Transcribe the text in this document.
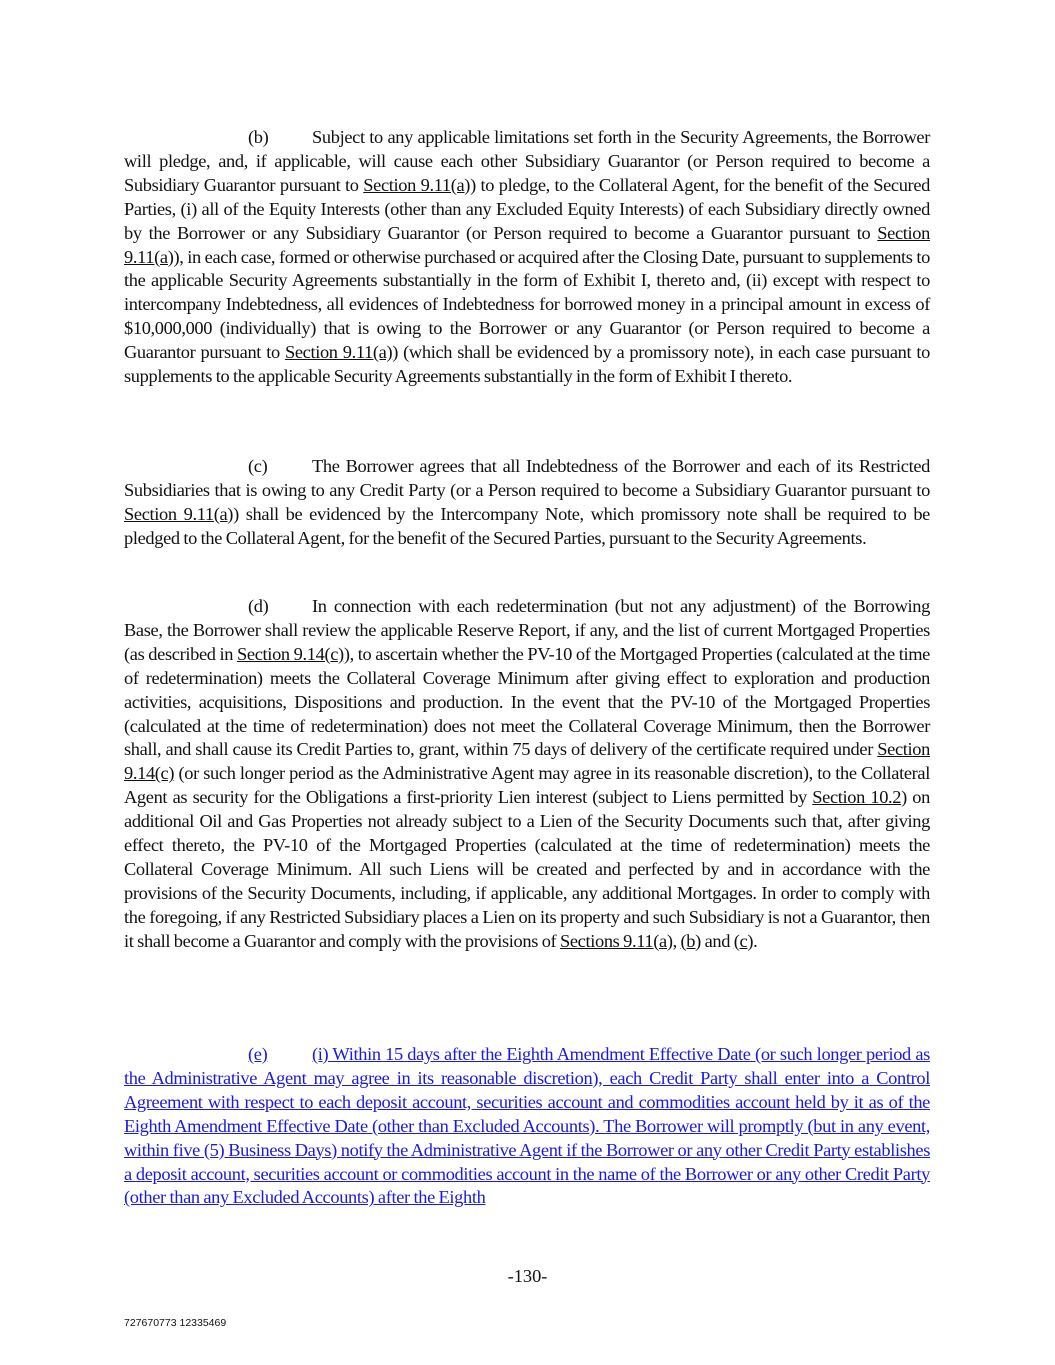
(b) Subject to any applicable limitations set forth in the Security Agreements, the Borrower will pledge, and, if applicable, will cause each other Subsidiary Guarantor (or Person required to become a Subsidiary Guarantor pursuant to Section 9.11(a)) to pledge, to the Collateral Agent, for the benefit of the Secured Parties, (i) all of the Equity Interests (other than any Excluded Equity Interests) of each Subsidiary directly owned by the Borrower or any Subsidiary Guarantor (or Person required to become a Guarantor pursuant to Section 9.11(a)), in each case, formed or otherwise purchased or acquired after the Closing Date, pursuant to supplements to the applicable Security Agreements substantially in the form of Exhibit I, thereto and, (ii) except with respect to intercompany Indebtedness, all evidences of Indebtedness for borrowed money in a principal amount in excess of $10,000,000 (individually) that is owing to the Borrower or any Guarantor (or Person required to become a Guarantor pursuant to Section 9.11(a)) (which shall be evidenced by a promissory note), in each case pursuant to supplements to the applicable Security Agreements substantially in the form of Exhibit I thereto.

(c) The Borrower agrees that all Indebtedness of the Borrower and each of its Restricted Subsidiaries that is owing to any Credit Party (or a Person required to become a Subsidiary Guarantor pursuant to Section 9.11(a)) shall be evidenced by the Intercompany Note, which promissory note shall be required to be pledged to the Collateral Agent, for the benefit of the Secured Parties, pursuant to the Security Agreements.

(d) In connection with each redetermination (but not any adjustment) of the Borrowing Base, the Borrower shall review the applicable Reserve Report, if any, and the list of current Mortgaged Properties (as described in Section 9.14(c)), to ascertain whether the PV-10 of the Mortgaged Properties (calculated at the time of redetermination) meets the Collateral Coverage Minimum after giving effect to exploration and production activities, acquisitions, Dispositions and production. In the event that the PV-10 of the Mortgaged Properties (calculated at the time of redetermination) does not meet the Collateral Coverage Minimum, then the Borrower shall, and shall cause its Credit Parties to, grant, within 75 days of delivery of the certificate required under Section 9.14(c) (or such longer period as the Administrative Agent may agree in its reasonable discretion), to the Collateral Agent as security for the Obligations a first-priority Lien interest (subject to Liens permitted by Section 10.2) on additional Oil and Gas Properties not already subject to a Lien of the Security Documents such that, after giving effect thereto, the PV-10 of the Mortgaged Properties (calculated at the time of redetermination) meets the Collateral Coverage Minimum. All such Liens will be created and perfected by and in accordance with the provisions of the Security Documents, including, if applicable, any additional Mortgages. In order to comply with the foregoing, if any Restricted Subsidiary places a Lien on its property and such Subsidiary is not a Guarantor, then it shall become a Guarantor and comply with the provisions of Sections 9.11(a), (b) and (c).

(e) (i) Within 15 days after the Eighth Amendment Effective Date (or such longer period as the Administrative Agent may agree in its reasonable discretion), each Credit Party shall enter into a Control Agreement with respect to each deposit account, securities account and commodities account held by it as of the Eighth Amendment Effective Date (other than Excluded Accounts). The Borrower will promptly (but in any event, within five (5) Business Days) notify the Administrative Agent if the Borrower or any other Credit Party establishes a deposit account, securities account or commodities account in the name of the Borrower or any other Credit Party (other than any Excluded Accounts) after the Eighth

-130-
727670773 12335469
